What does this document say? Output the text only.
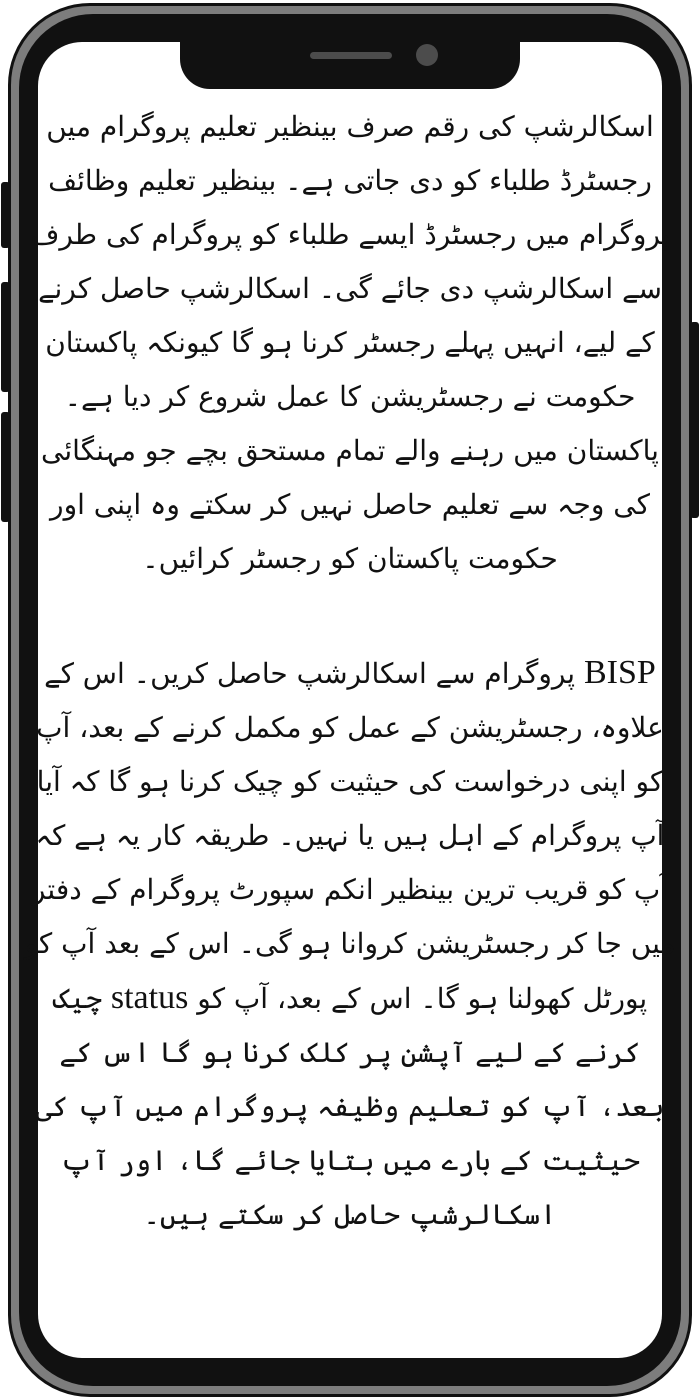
اسکالرشپ کی رقم صرف بینظیر تعلیم پروگرام میں رجسٹرڈ طلباء کو دی جاتی ہے۔ بینظیر تعلیم وظائف پروگرام میں رجسٹرڈ ایسے طلباء کو پروگرام کی طرف سے اسکالرشپ دی جائے گی۔ اسکالرشپ حاصل کرنے کے لیے، انہیں پہلے رجسٹر کرنا ہو گا کیونکہ پاکستان حکومت نے رجسٹریشن کا عمل شروع کر دیا ہے۔ پاکستان میں رہنے والے تمام مستحق بچے جو مہنگائی کی وجہ سے تعلیم حاصل نہیں کر سکتے وہ اپنی اور حکومت پاکستان کو رجسٹر کرائیں۔

BISP پروگرام سے اسکالرشپ حاصل کریں۔ اس کے علاوہ، رجسٹریشن کے عمل کو مکمل کرنے کے بعد، آپ کو اپنی درخواست کی حیثیت کو چیک کرنا ہو گا کہ آیا آپ پروگرام کے اہل ہیں یا نہیں۔ طریقہ کار یہ ہے کہ آپ کو قریب ترین بینظیر انکم سپورٹ پروگرام کے دفتر میں جا کر رجسٹریشن کروانا ہو گی۔ اس کے بعد آپ کو پورٹل کھولنا ہو گا۔ اس کے بعد، آپ کو status چیک کرنے کے لیے آپشن پر کلک کرنا ہو گا اس کے بعد، آپ کو تعلیم وظیفہ پروگرام میں آپ کی حیثیت کے بارے میں بتایا جائے گا، اور آپ اسکالرشپ حاصل کر سکتے ہیں۔
